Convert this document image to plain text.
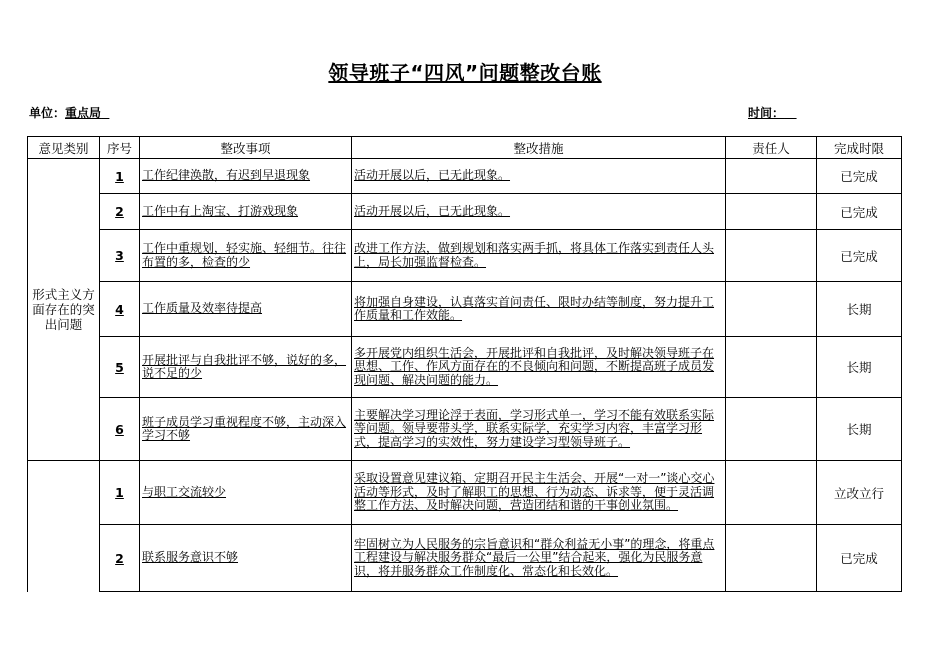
领导班子“四风”问题整改台账
单位：重点局	时间：
意见类别	序号	整改事项	整改措施	责任人	完成时限
形式主义方面存在的突出问题	1	工作纪律涣散，有迟到早退现象	活动开展以后，已无此现象。		已完成
	2	工作中有上淘宝、打游戏现象	活动开展以后，已无此现象。		已完成
	3	工作中重规划，轻实施、轻细节。往往布置的多，检查的少	改进工作方法，做到规划和落实两手抓，将具体工作落实到责任人头上，局长加强监督检查。		已完成
	4	工作质量及效率待提高	将加强自身建设，认真落实首问责任、限时办结等制度，努力提升工作质量和工作效能。		长期
	5	开展批评与自我批评不够，说好的多，说不足的少	多开展党内组织生活会，开展批评和自我批评，及时解决领导班子在思想、工作、作风方面存在的不良倾向和问题，不断提高班子成员发现问题、解决问题的能力。		长期
	6	班子成员学习重视程度不够，主动深入学习不够	主要解决学习理论浮于表面，学习形式单一，学习不能有效联系实际等问题。领导要带头学，联系实际学，充实学习内容，丰富学习形式，提高学习的实效性，努力建设学习型领导班子。		长期
	1	与职工交流较少	采取设置意见建议箱、定期召开民主生活会、开展“一对一”谈心交心活动等形式，及时了解职工的思想、行为动态、诉求等，便于灵活调整工作方法、及时解决问题，营造团结和谐的干事创业氛围。		立改立行
	2	联系服务意识不够	牢固树立为人民服务的宗旨意识和“群众利益无小事”的理念，将重点工程建设与解决服务群众“最后一公里”结合起来，强化为民服务意识，将并服务群众工作制度化、常态化和长效化。		已完成
